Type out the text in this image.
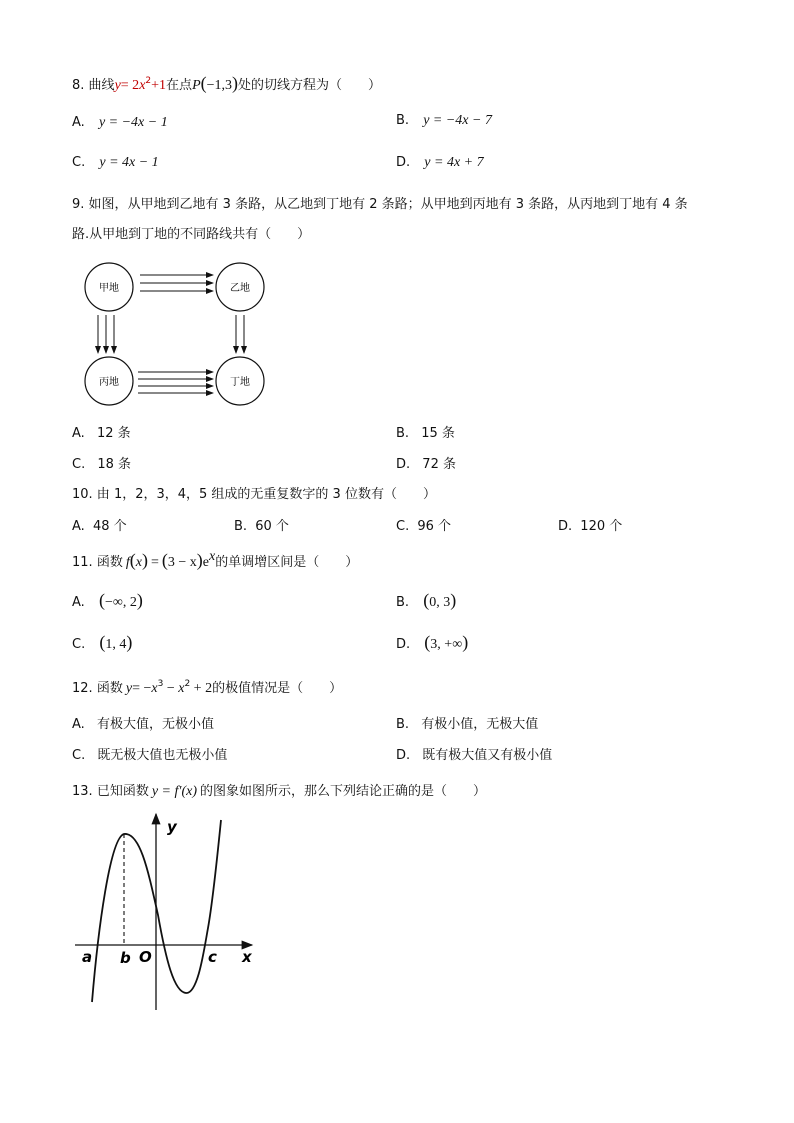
8. 曲线$y= 2x^2+1$在点P(−1,3)处的切线方程为（　　）
A. y = −4x − 1	B. y = −4x − 7
C. y = 4x − 1	D. y = 4x + 7
9. 如图，从甲地到乙地有 3 条路，从乙地到丁地有 2 条路；从甲地到丙地有 3 条路，从丙地到丁地有 4 条
路.从甲地到丁地的不同路线共有（　　）
甲地	乙地
丙地	丁地
A. 12 条	B. 15 条
C. 18 条	D. 72 条
10. 由 1，2，3，4，5 组成的无重复数字的 3 位数有（　　）
A. 48 个	B. 60 个	C. 96 个	D. 120 个
11. 函数 $f(x) = (3 - x)e^x$的单调增区间是（　　）
A. (−∞, 2)	B. (0, 3)
C. (1, 4)	D. (3, +∞)
12. 函数 $y= -x^3 - x^2 + 2$的极值情况是（　　）
A. 有极大值，无极小值	B. 有极小值，无极大值
C. 既无极大值也无极小值	D. 既有极大值又有极小值
13. 已知函数 y = f′(x) 的图象如图所示，那么下列结论正确的是（　　）
y
x
a b O	c
